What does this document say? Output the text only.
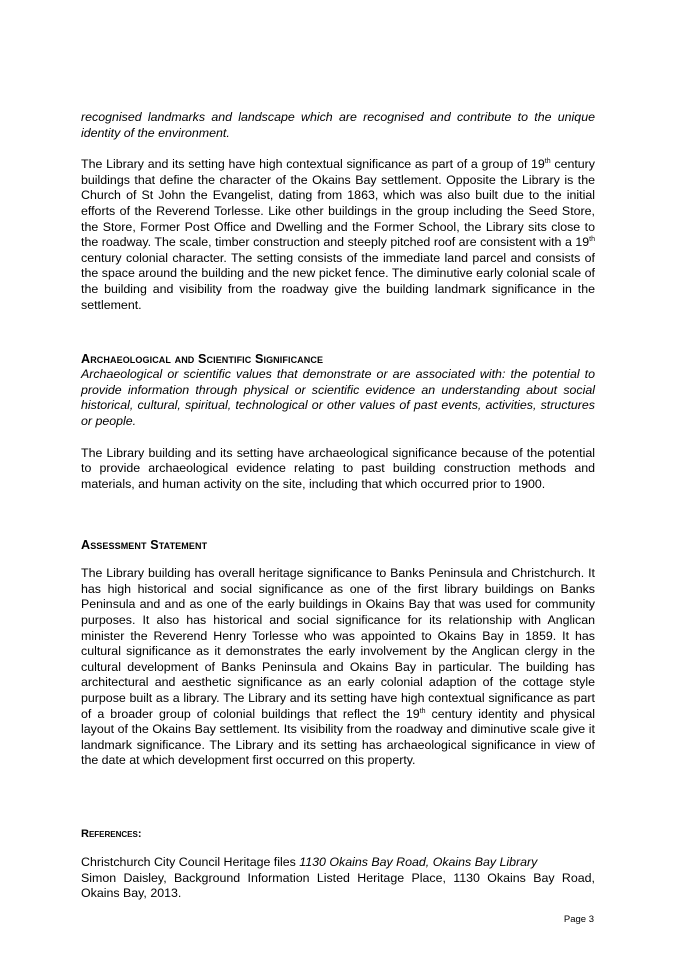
recognised landmarks and landscape which are recognised and contribute to the unique identity of the environment.

The Library and its setting have high contextual significance as part of a group of 19th century buildings that define the character of the Okains Bay settlement. Opposite the Library is the Church of St John the Evangelist, dating from 1863, which was also built due to the initial efforts of the Reverend Torlesse. Like other buildings in the group including the Seed Store, the Store, Former Post Office and Dwelling and the Former School, the Library sits close to the roadway. The scale, timber construction and steeply pitched roof are consistent with a 19th century colonial character. The setting consists of the immediate land parcel and consists of the space around the building and the new picket fence. The diminutive early colonial scale of the building and visibility from the roadway give the building landmark significance in the settlement.

Archaeological and Scientific Significance

Archaeological or scientific values that demonstrate or are associated with: the potential to provide information through physical or scientific evidence an understanding about social historical, cultural, spiritual, technological or other values of past events, activities, structures or people.

The Library building and its setting have archaeological significance because of the potential to provide archaeological evidence relating to past building construction methods and materials, and human activity on the site, including that which occurred prior to 1900.

Assessment Statement

The Library building has overall heritage significance to Banks Peninsula and Christchurch. It has high historical and social significance as one of the first library buildings on Banks Peninsula and and as one of the early buildings in Okains Bay that was used for community purposes. It also has historical and social significance for its relationship with Anglican minister the Reverend Henry Torlesse who was appointed to Okains Bay in 1859. It has cultural significance as it demonstrates the early involvement by the Anglican clergy in the cultural development of Banks Peninsula and Okains Bay in particular. The building has architectural and aesthetic significance as an early colonial adaption of the cottage style purpose built as a library. The Library and its setting have high contextual significance as part of a broader group of colonial buildings that reflect the 19th century identity and physical layout of the Okains Bay settlement. Its visibility from the roadway and diminutive scale give it landmark significance. The Library and its setting has archaeological significance in view of the date at which development first occurred on this property.

References:

Christchurch City Council Heritage files 1130 Okains Bay Road, Okains Bay Library

Simon Daisley, Background Information Listed Heritage Place, 1130 Okains Bay Road, Okains Bay, 2013.

Page 3
